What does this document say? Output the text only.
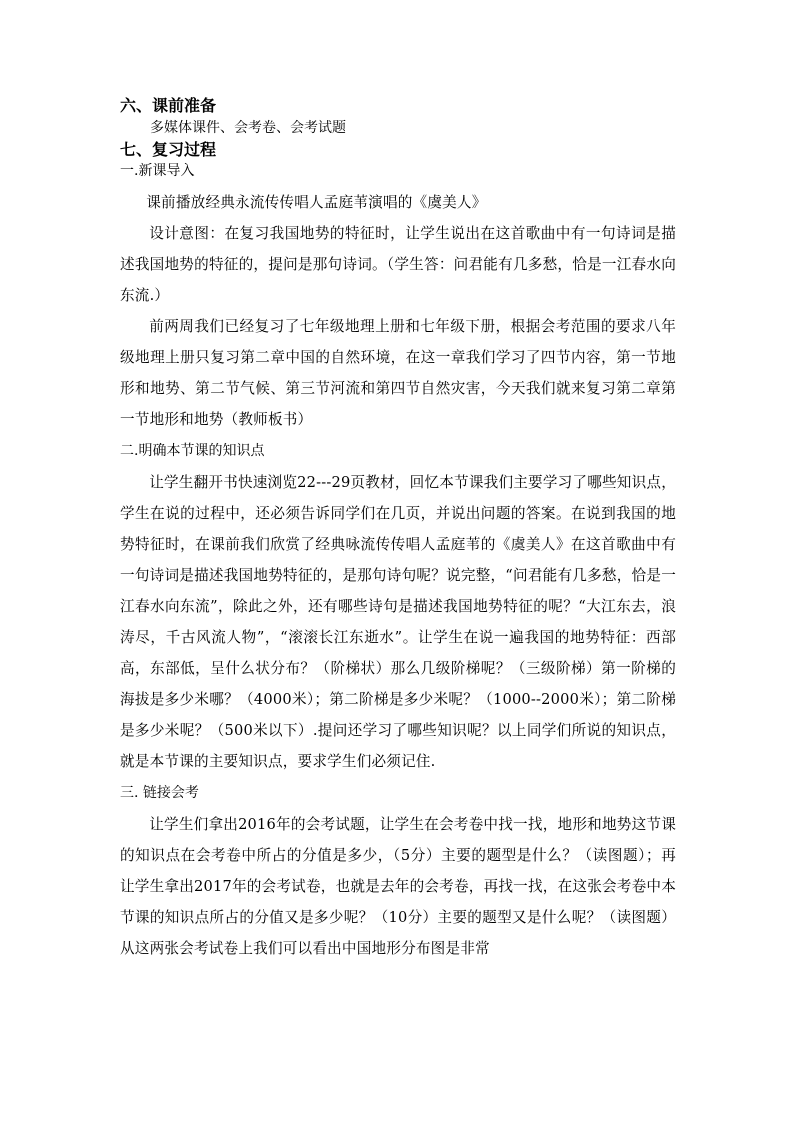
六、课前准备

多媒体课件、会考卷、会考试题

七、复习过程

一.新课导入

课前播放经典永流传传唱人孟庭苇演唱的《虞美人》

设计意图：在复习我国地势的特征时，让学生说出在这首歌曲中有一句诗词是描述我国地势的特征的，提问是那句诗词。（学生答：问君能有几多愁，恰是一江春水向东流.）

前两周我们已经复习了七年级地理上册和七年级下册，根据会考范围的要求八年级地理上册只复习第二章中国的自然环境，在这一章我们学习了四节内容，第一节地形和地势、第二节气候、第三节河流和第四节自然灾害，今天我们就来复习第二章第一节地形和地势（教师板书）

二.明确本节课的知识点

让学生翻开书快速浏览22---29页教材，回忆本节课我们主要学习了哪些知识点，学生在说的过程中，还必须告诉同学们在几页，并说出问题的答案。在说到我国的地势特征时，在课前我们欣赏了经典咏流传传唱人孟庭苇的《虞美人》在这首歌曲中有一句诗词是描述我国地势特征的，是那句诗句呢？说完整，“问君能有几多愁，恰是一江春水向东流”，除此之外，还有哪些诗句是描述我国地势特征的呢？“大江东去，浪涛尽，千古风流人物”，“滚滚长江东逝水”。让学生在说一遍我国的地势特征：西部高，东部低，呈什么状分布？（阶梯状）那么几级阶梯呢？（三级阶梯）第一阶梯的海拔是多少米哪？（4000米）；第二阶梯是多少米呢？（1000--2000米）；第二阶梯是多少米呢？（500米以下）.提问还学习了哪些知识呢？以上同学们所说的知识点，就是本节课的主要知识点，要求学生们必须记住.

三. 链接会考

让学生们拿出2016年的会考试题，让学生在会考卷中找一找，地形和地势这节课的知识点在会考卷中所占的分值是多少，（5分）主要的题型是什么？（读图题）；再让学生拿出2017年的会考试卷，也就是去年的会考卷，再找一找，在这张会考卷中本节课的知识点所占的分值又是多少呢？（10分）主要的题型又是什么呢？（读图题）从这两张会考试卷上我们可以看出中国地形分布图是非常
